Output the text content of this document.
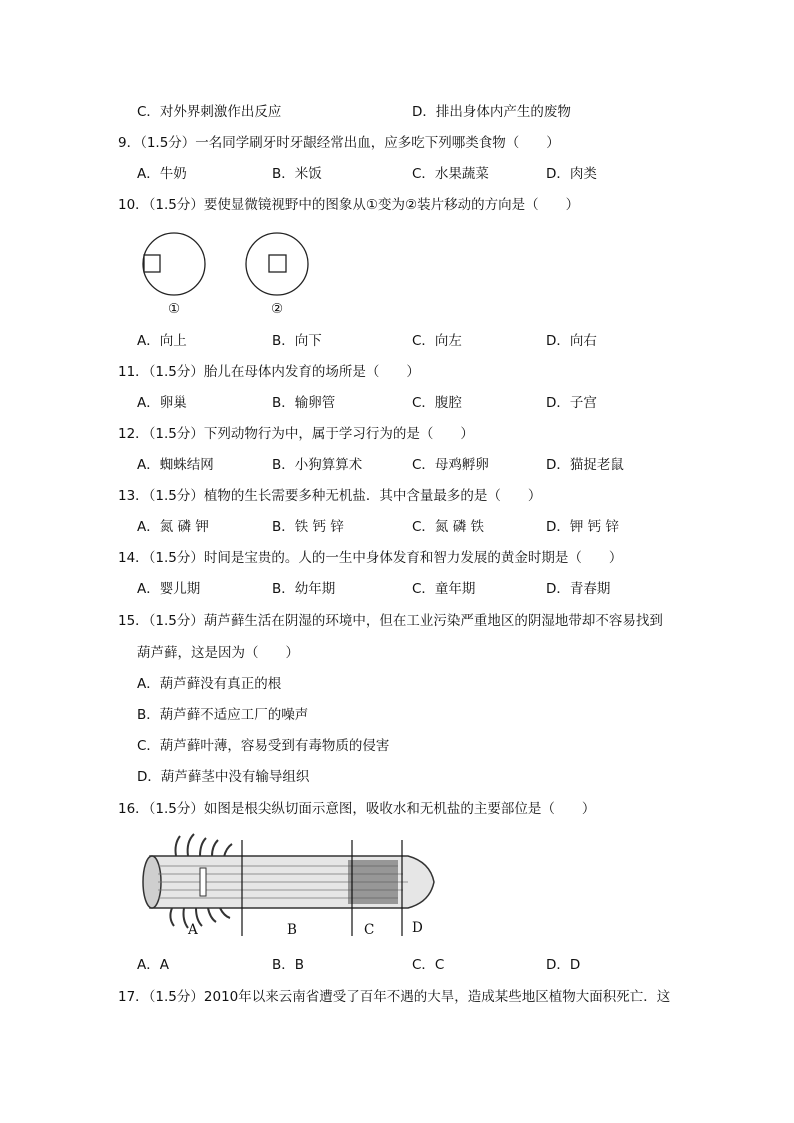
C．对外界刺激作出反应	D．排出身体内产生的废物
9．（1.5分）一名同学刷牙时牙龈经常出血，应多吃下列哪类食物（　　）
A．牛奶	B．米饭	C．水果蔬菜	D．肉类
10．（1.5分）要使显微镜视野中的图象从①变为②装片移动的方向是（　　）
①	②
A．向上	B．向下	C．向左	D．向右
11．（1.5分）胎儿在母体内发育的场所是（　　）
A．卵巢	B．输卵管	C．腹腔	D．子宫
12．（1.5分）下列动物行为中，属于学习行为的是（　　）
A．蜘蛛结网	B．小狗算算术	C．母鸡孵卵	D．猫捉老鼠
13．（1.5分）植物的生长需要多种无机盐．其中含量最多的是（　　）
A．氮 磷 钾	B．铁 钙 锌	C．氮 磷 铁	D．钾 钙 锌
14．（1.5分）时间是宝贵的。人的一生中身体发育和智力发展的黄金时期是（　　）
A．婴儿期	B．幼年期	C．童年期	D．青春期
15．（1.5分）葫芦藓生活在阴湿的环境中，但在工业污染严重地区的阴湿地带却不容易找到
葫芦藓，这是因为（　　）
A．葫芦藓没有真正的根
B．葫芦藓不适应工厂的噪声
C．葫芦藓叶薄，容易受到有毒物质的侵害
D．葫芦藓茎中没有输导组织
16．（1.5分）如图是根尖纵切面示意图，吸收水和无机盐的主要部位是（　　）
A	B	C	D
A．A	B．B	C．C	D．D
17．（1.5分）2010年以来云南省遭受了百年不遇的大旱，造成某些地区植物大面积死亡．这
